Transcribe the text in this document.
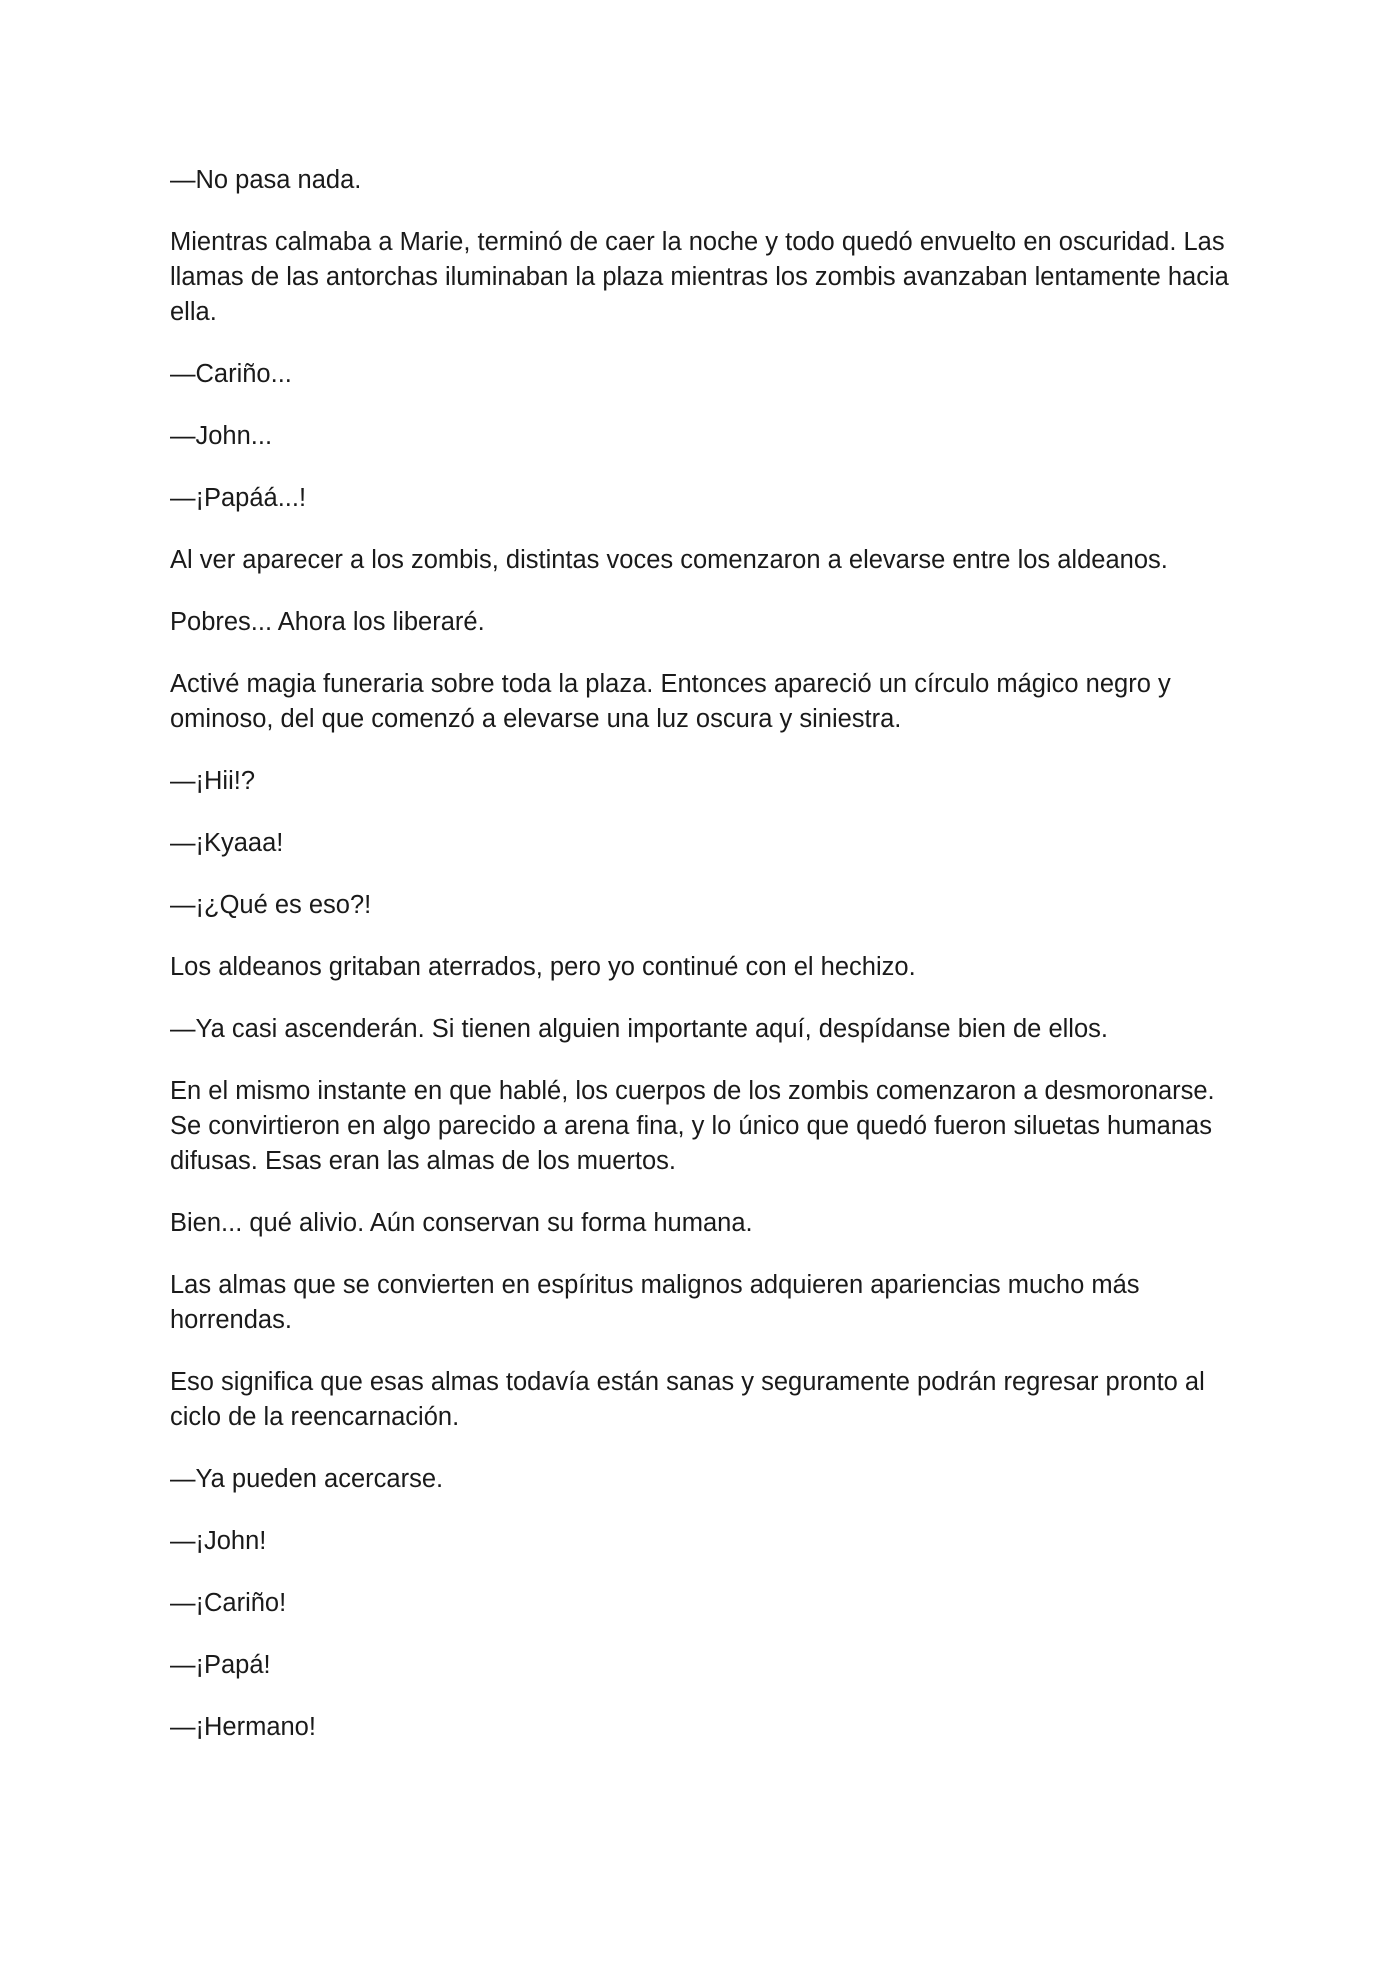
—No pasa nada.

Mientras calmaba a Marie, terminó de caer la noche y todo quedó envuelto en oscuridad. Las llamas de las antorchas iluminaban la plaza mientras los zombis avanzaban lentamente hacia ella.

—Cariño...

—John...

—¡Papáá...!

Al ver aparecer a los zombis, distintas voces comenzaron a elevarse entre los aldeanos.

Pobres... Ahora los liberaré.

Activé magia funeraria sobre toda la plaza. Entonces apareció un círculo mágico negro y ominoso, del que comenzó a elevarse una luz oscura y siniestra.

—¡Hii!?

—¡Kyaaa!

—¡¿Qué es eso?!

Los aldeanos gritaban aterrados, pero yo continué con el hechizo.

—Ya casi ascenderán. Si tienen alguien importante aquí, despídanse bien de ellos.

En el mismo instante en que hablé, los cuerpos de los zombis comenzaron a desmoronarse. Se convirtieron en algo parecido a arena fina, y lo único que quedó fueron siluetas humanas difusas. Esas eran las almas de los muertos.

Bien... qué alivio. Aún conservan su forma humana.

Las almas que se convierten en espíritus malignos adquieren apariencias mucho más horrendas.

Eso significa que esas almas todavía están sanas y seguramente podrán regresar pronto al ciclo de la reencarnación.

—Ya pueden acercarse.

—¡John!

—¡Cariño!

—¡Papá!

—¡Hermano!
